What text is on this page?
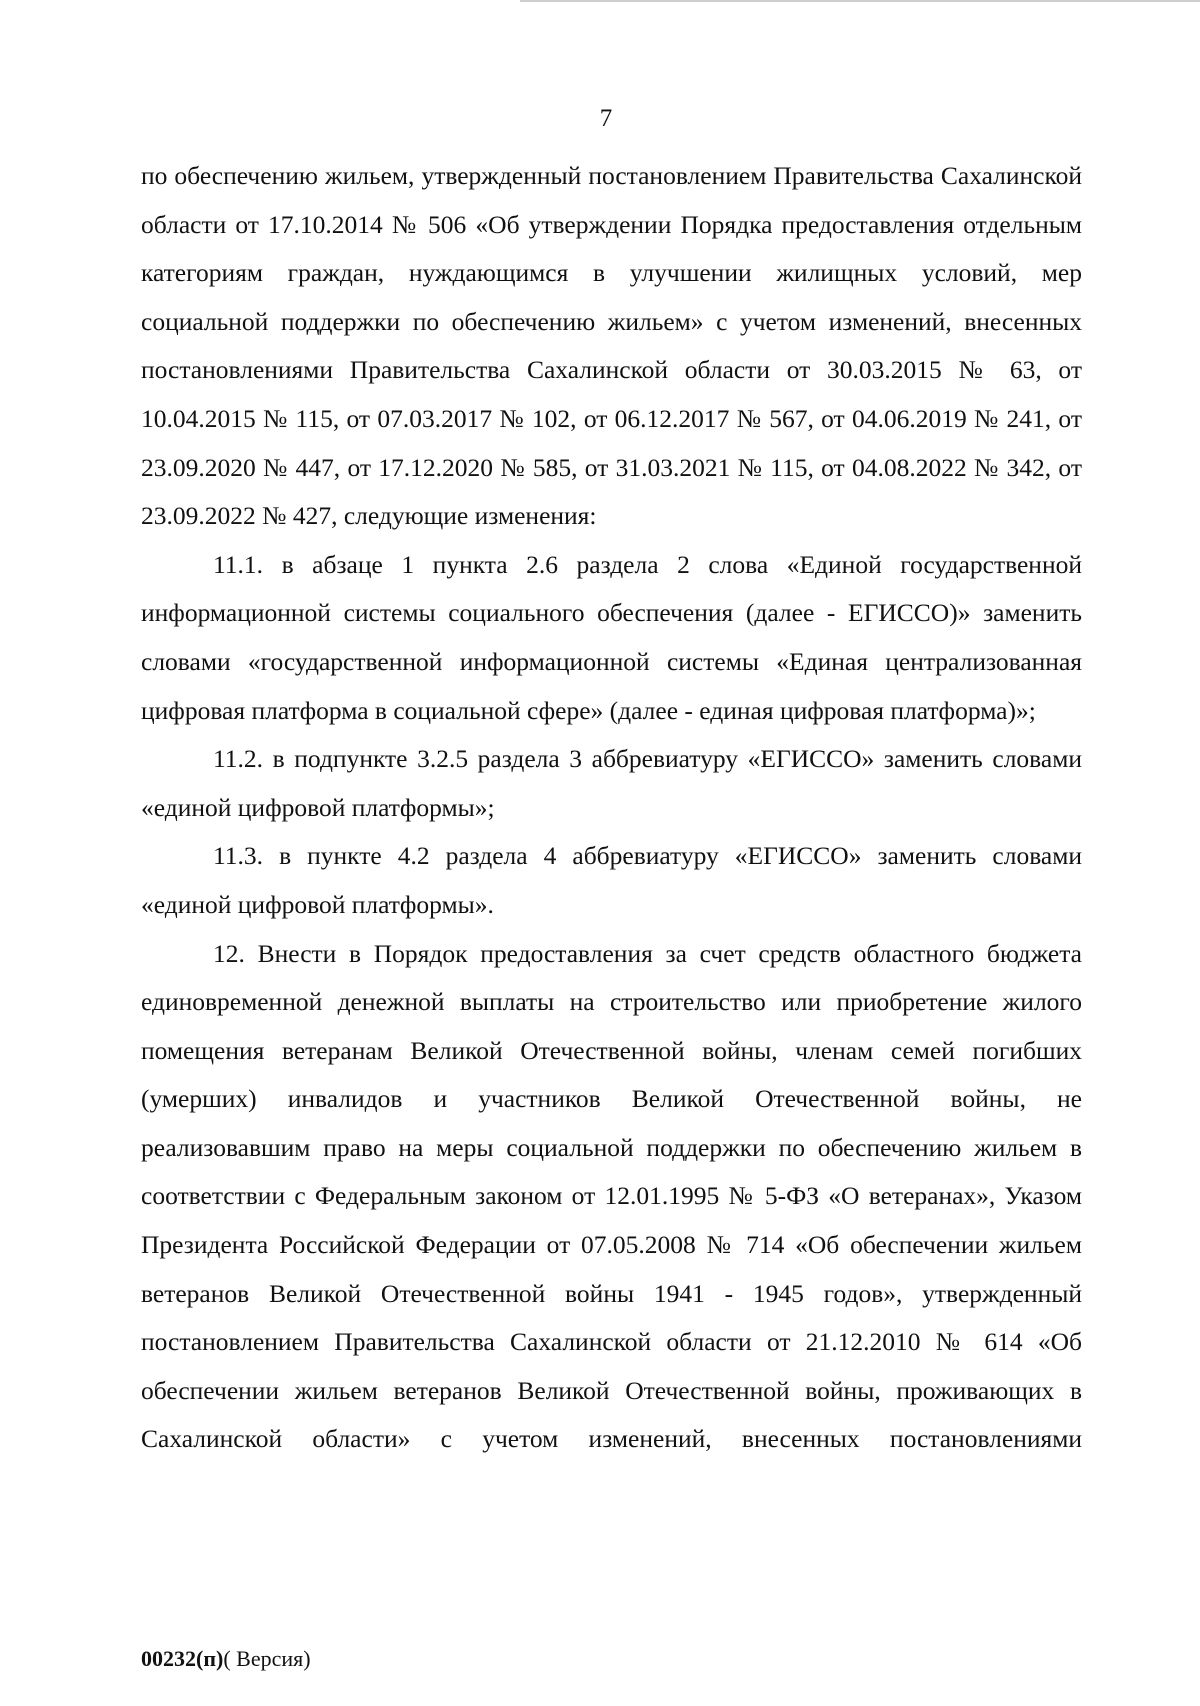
7

по обеспечению жильем, утвержденный постановлением Правительства Сахалинской области от 17.10.2014 № 506 «Об утверждении Порядка предоставления отдельным категориям граждан, нуждающимся в улучшении жилищных условий, мер социальной поддержки по обеспечению жильем» с учетом изменений, внесенных постановлениями Правительства Сахалинской области от 30.03.2015 № 63, от 10.04.2015 № 115, от 07.03.2017 № 102, от 06.12.2017 № 567, от 04.06.2019 № 241, от 23.09.2020 № 447, от 17.12.2020 № 585, от 31.03.2021 № 115, от 04.08.2022 № 342, от 23.09.2022 № 427, следующие изменения:

11.1. в абзаце 1 пункта 2.6 раздела 2 слова «Единой государственной информационной системы социального обеспечения (далее - ЕГИССО)» заменить словами «государственной информационной системы «Единая централизованная цифровая платформа в социальной сфере» (далее - единая цифровая платформа)»;

11.2. в подпункте 3.2.5 раздела 3 аббревиатуру «ЕГИССО» заменить словами «единой цифровой платформы»;

11.3. в пункте 4.2 раздела 4 аббревиатуру «ЕГИССО» заменить словами «единой цифровой платформы».

12. Внести в Порядок предоставления за счет средств областного бюджета единовременной денежной выплаты на строительство или приобретение жилого помещения ветеранам Великой Отечественной войны, членам семей погибших (умерших) инвалидов и участников Великой Отечественной войны, не реализовавшим право на меры социальной поддержки по обеспечению жильем в соответствии с Федеральным законом от 12.01.1995 № 5-ФЗ «О ветеранах», Указом Президента Российской Федерации от 07.05.2008 № 714 «Об обеспечении жильем ветеранов Великой Отечественной войны 1941 - 1945 годов», утвержденный постановлением Правительства Сахалинской области от 21.12.2010 № 614 «Об обеспечении жильем ветеранов Великой Отечественной войны, проживающих в Сахалинской области» с учетом изменений, внесенных постановлениями

00232(п)( Версия)
